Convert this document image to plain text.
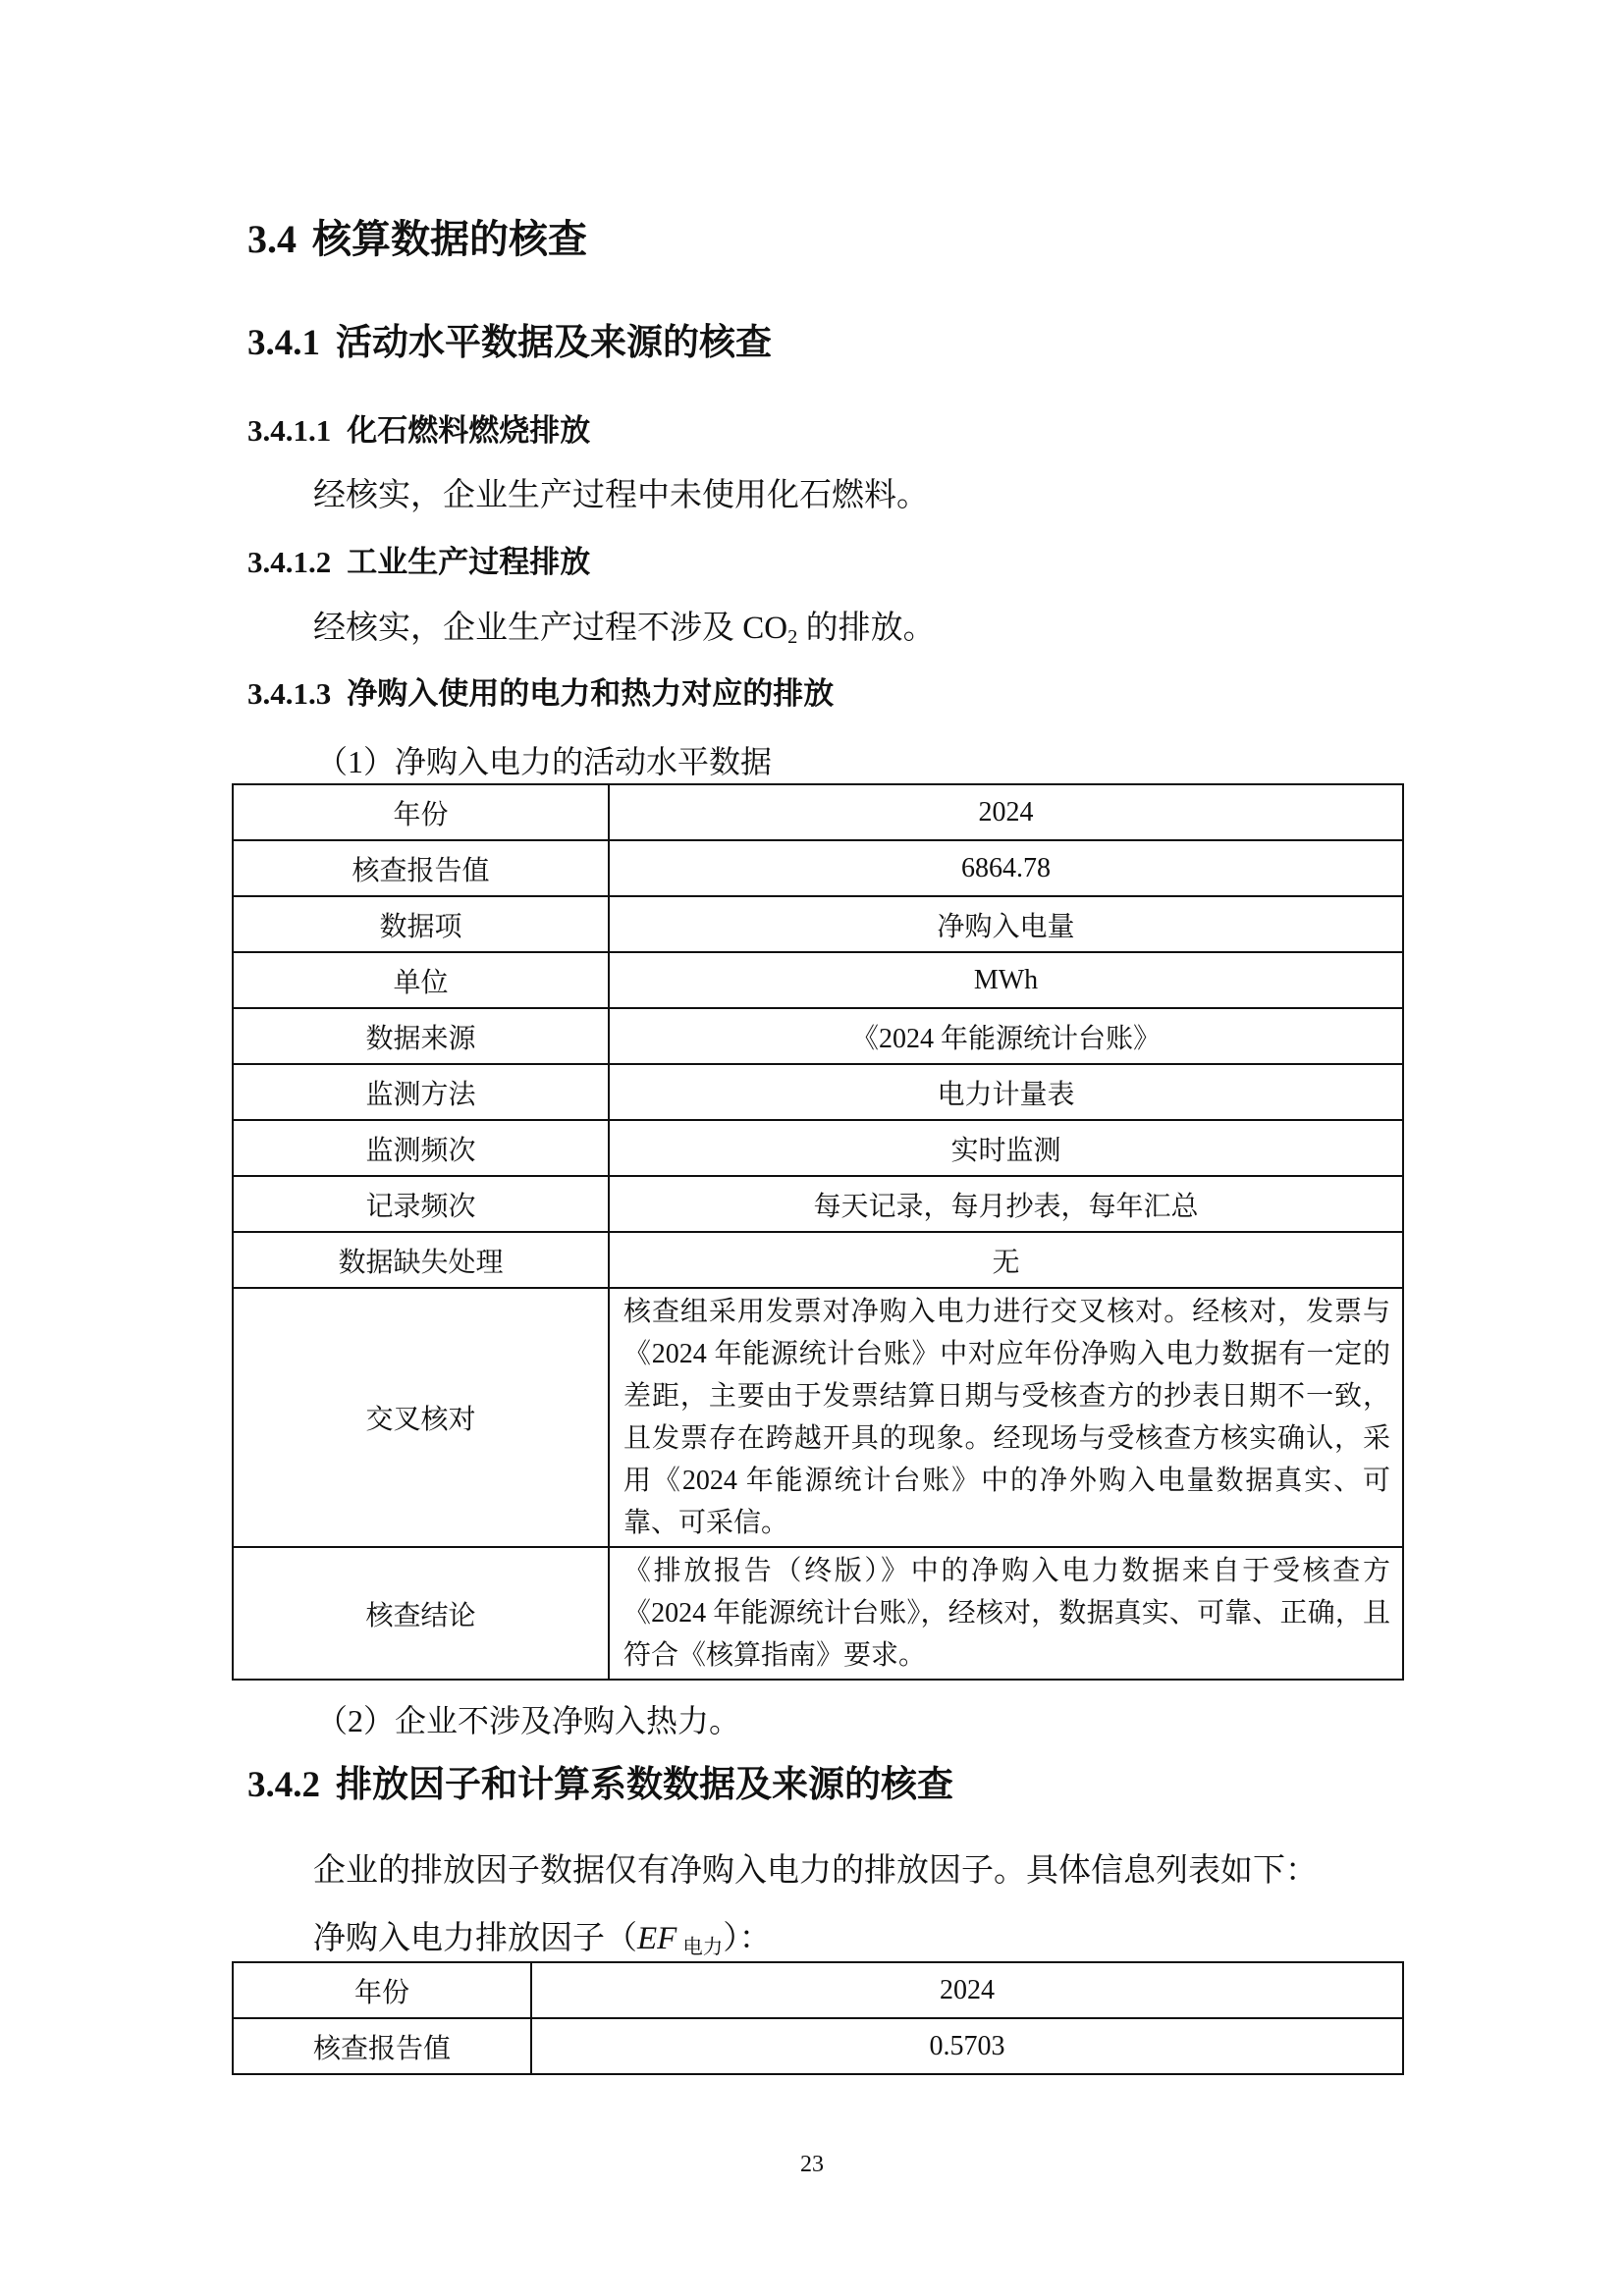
3.4 核算数据的核查
3.4.1 活动水平数据及来源的核查
3.4.1.1 化石燃料燃烧排放
经核实，企业生产过程中未使用化石燃料。
3.4.1.2 工业生产过程排放
经核实，企业生产过程不涉及 $CO_2$ 的排放。
3.4.1.3 净购入使用的电力和热力对应的排放
（1）净购入电力的活动水平数据
年份	2024
核查报告值	6864.78
数据项	净购入电量
单位	MWh
数据来源	《2024 年能源统计台账》
监测方法	电力计量表
监测频次	实时监测
记录频次	每天记录，每月抄表，每年汇总
数据缺失处理	无
交叉核对	核查组采用发票对净购入电力进行交叉核对。经核对，发票与《2024 年能源统计台账》中对应年份净购入电力数据有一定的差距，主要由于发票结算日期与受核查方的抄表日期不一致，且发票存在跨越开具的现象。经现场与受核查方核实确认，采用《2024 年能源统计台账》中的净外购入电量数据真实、可靠、可采信。
核查结论	《排放报告（终版）》中的净购入电力数据来自于受核查方《2024 年能源统计台账》，经核对，数据真实、可靠、正确，且符合《核算指南》要求。
（2）企业不涉及净购入热力。
3.4.2 排放因子和计算系数数据及来源的核查
企业的排放因子数据仅有净购入电力的排放因子。具体信息列表如下：
净购入电力排放因子（EF $_{电力}$）：
年份	2024
核查报告值	0.5703
23
